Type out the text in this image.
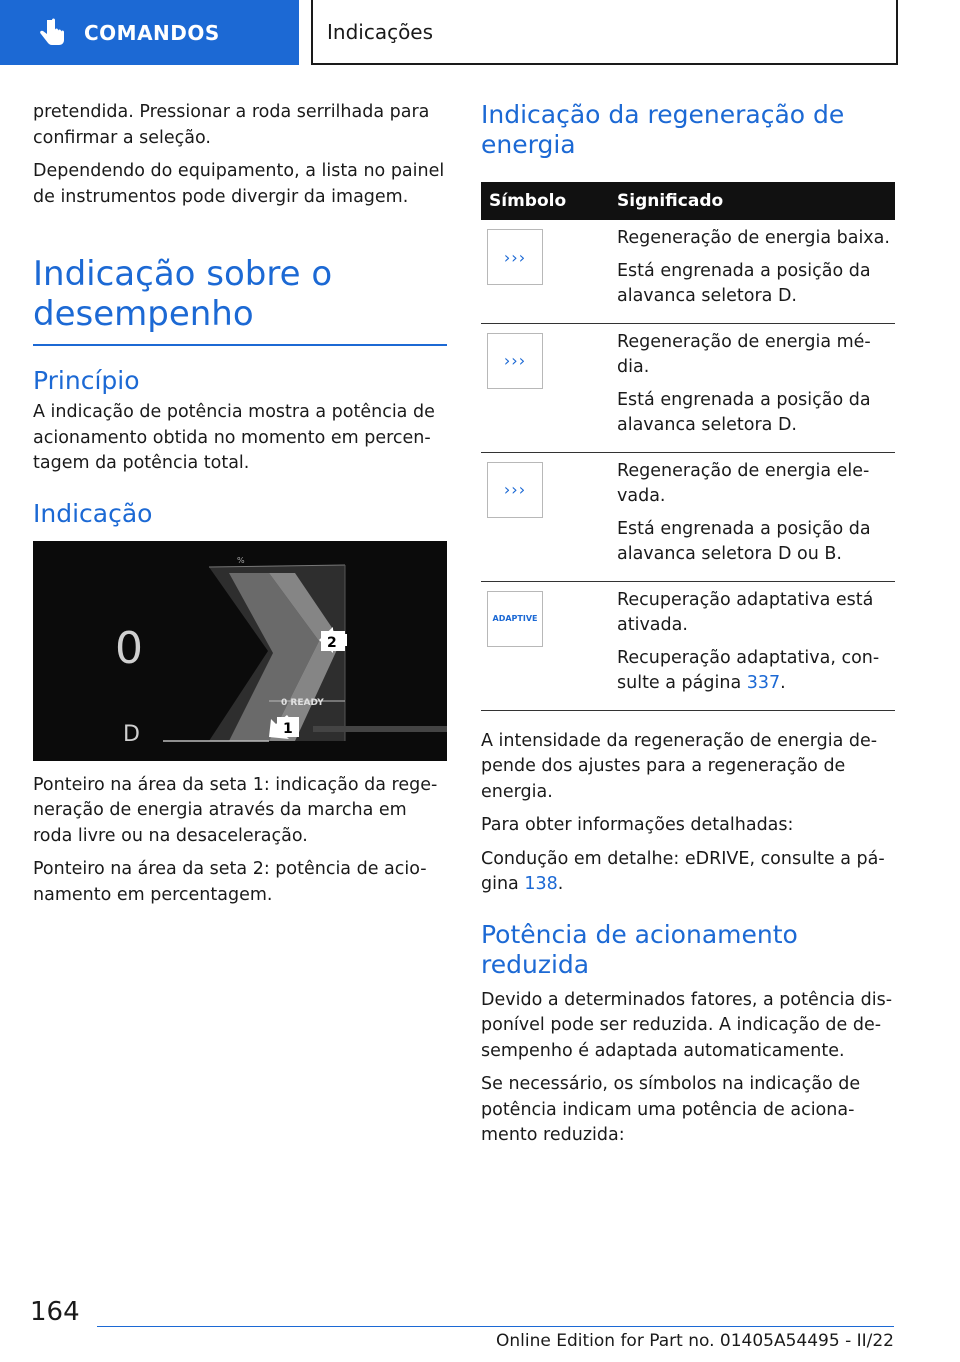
COMANDOS	Indicações

pretendida. Pressionar a roda serrilhada para confirmar a seleção.

Dependendo do equipamento, a lista no painel de instrumentos pode divergir da imagem.

Indicação sobre o desempenho
Princípio

A indicação de potência mostra a potência de acionamento obtida no momento em percen-tagem da potência total.

Indicação
0
D
%
0 READY
2
1

Ponteiro na área da seta 1: indicação da rege-neração de energia através da marcha em roda livre ou na desaceleração.

Ponteiro na área da seta 2: potência de acio-namento em percentagem.

Indicação da regeneração de energia
Símbolo	Significado

›››	Regeneração de energia baixa.

Está engrenada a posição da alavanca seletora D.

›››	Regeneração de energia mé-dia.

Está engrenada a posição da alavanca seletora D.

›››	Regeneração de energia ele-vada.

Está engrenada a posição da alavanca seletora D ou B.

ADAPTIVE	Recuperação adaptativa está ativada.

Recuperação adaptativa, con-sulte a página 337.

A intensidade da regeneração de energia de-pende dos ajustes para a regeneração de energia.

Para obter informações detalhadas:

Condução em detalhe: eDRIVE, consulte a pá-gina 138.

Potência de acionamento reduzida

Devido a determinados fatores, a potência dis-ponível pode ser reduzida. A indicação de de-sempenho é adaptada automaticamente.

Se necessário, os símbolos na indicação de potência indicam uma potência de aciona-mento reduzida:

164
Online Edition for Part no. 01405A54495 - II/22
